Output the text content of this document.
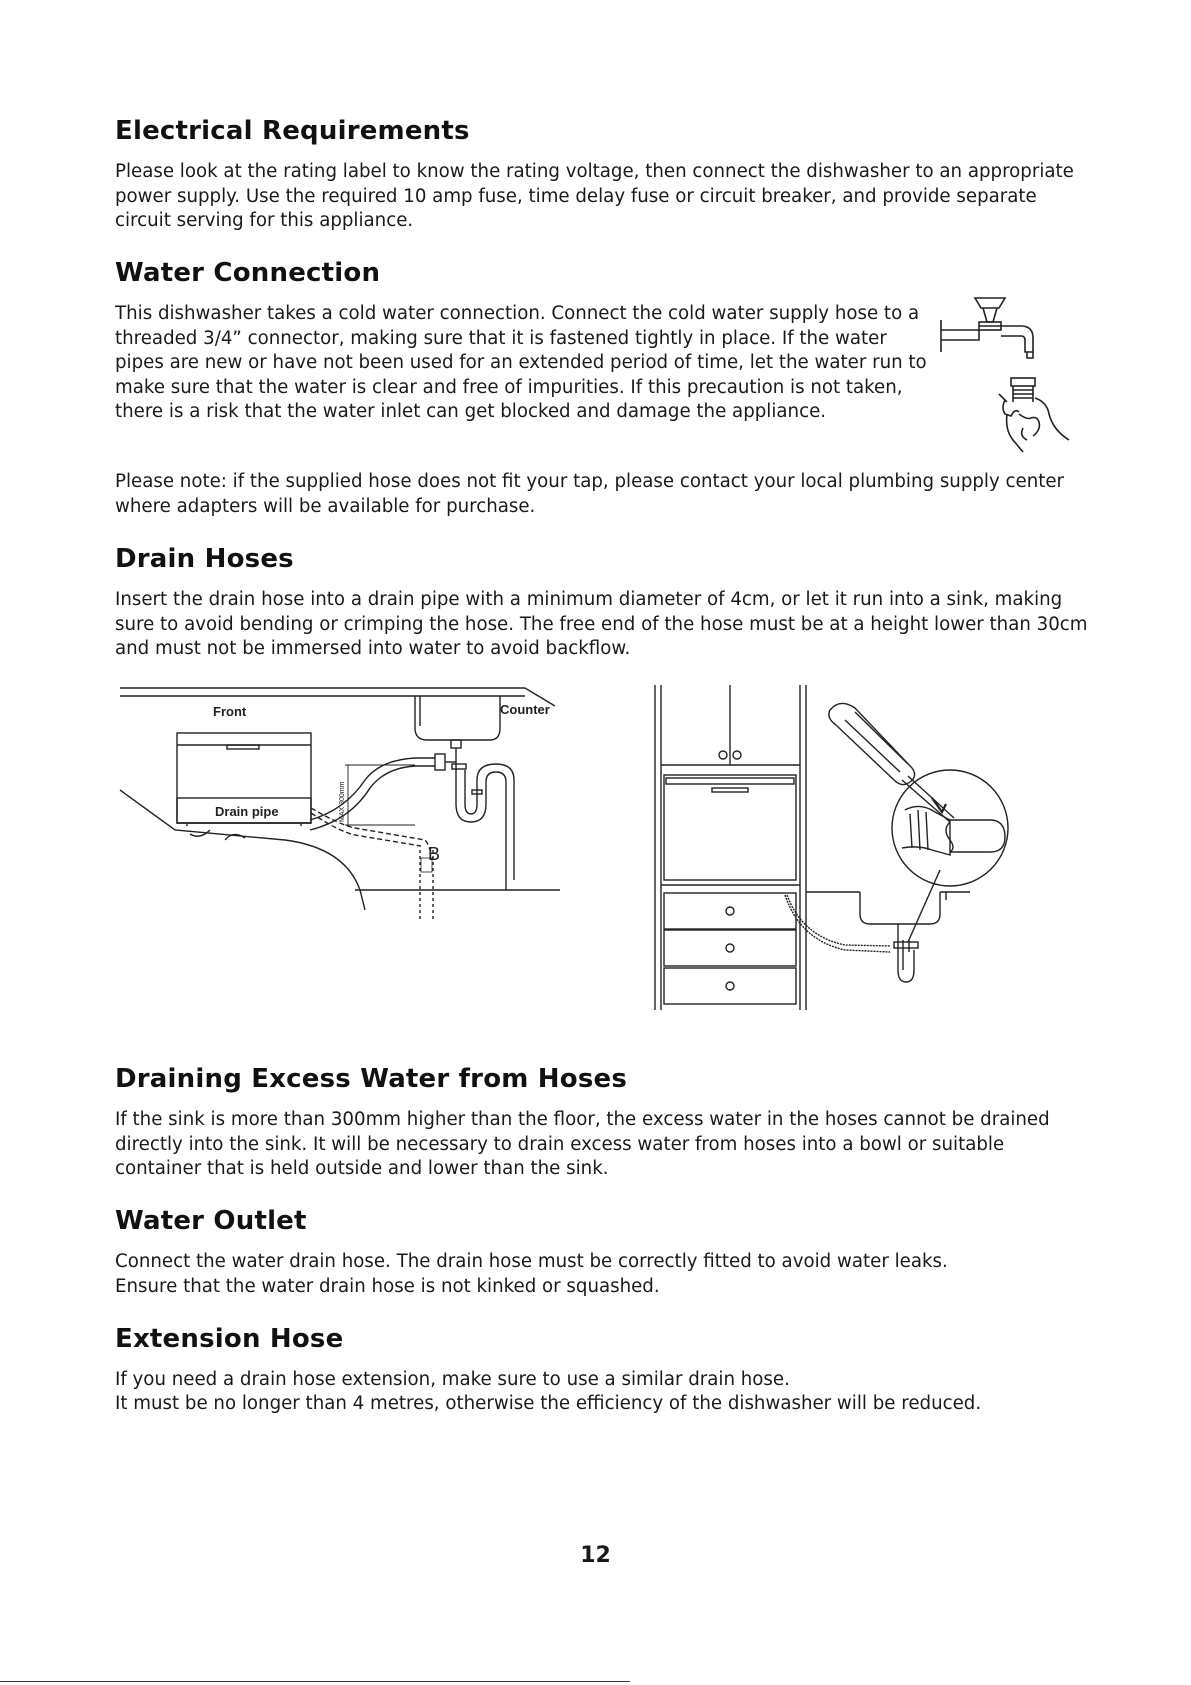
Electrical Requirements

Please look at the rating label to know the rating voltage, then connect the dishwasher to an appropriate power supply. Use the required 10 amp fuse, time delay fuse or circuit breaker, and provide separate circuit serving for this appliance.

Water Connection

This dishwasher takes a cold water connection. Connect the cold water supply hose to a threaded 3/4” connector, making sure that it is fastened tightly in place. If the water pipes are new or have not been used for an extended period of time, let the water run to make sure that the water is clear and free of impurities. If this precaution is not taken, there is a risk that the water inlet can get blocked and damage the appliance.

Please note: if the supplied hose does not fit your tap, please contact your local plumbing supply center where adapters will be available for purchase.

Drain Hoses

Insert the drain hose into a drain pipe with a minimum diameter of 4cm, or let it run into a sink, making sure to avoid bending or crimping the hose. The free end of the hose must be at a height lower than 30cm and must not be immersed into water to avoid backflow.

Counter
Front
Drain pipe	MAX 300mm
B
Draining Excess Water from Hoses

If the sink is more than 300mm higher than the floor, the excess water in the hoses cannot be drained directly into the sink. It will be necessary to drain excess water from hoses into a bowl or suitable container that is held outside and lower than the sink.

Water Outlet

Connect the water drain hose. The drain hose must be correctly fitted to avoid water leaks. Ensure that the water drain hose is not kinked or squashed.

Extension Hose

If you need a drain hose extension, make sure to use a similar drain hose.

It must be no longer than 4 metres, otherwise the efficiency of the dishwasher will be reduced.

12
